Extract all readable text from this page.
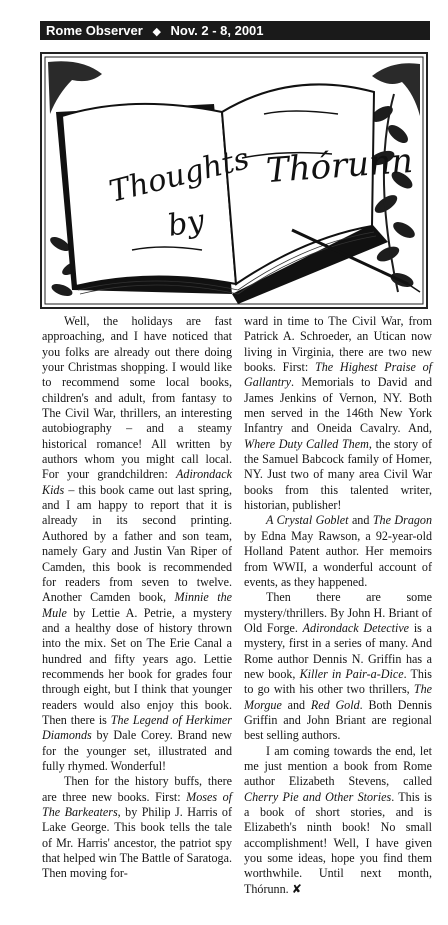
Rome Observer ◆ Nov. 2 - 8, 2001
Thoughts
by
Thórunn

Well, the holidays are fast approaching, and I have noticed that you folks are already out there doing your Christmas shopping. I would like to recommend some local books, children's and adult, from fantasy to The Civil War, thrillers, an interesting autobiography – and a steamy historical romance! All written by authors whom you might call local. For your grandchildren: Adirondack Kids – this book came out last spring, and I am happy to report that it is already in its second printing. Authored by a father and son team, namely Gary and Justin Van Riper of Camden, this book is recommended for readers from seven to twelve. Another Camden book, Minnie the Mule by Lettie A. Petrie, a mystery and a healthy dose of history thrown into the mix. Set on The Erie Canal a hundred and fifty years ago. Lettie recommends her book for grades four through eight, but I think that younger readers would also enjoy this book. Then there is The Legend of Herkimer Diamonds by Dale Corey. Brand new for the younger set, illustrated and fully rhymed. Wonderful!

Then for the history buffs, there are three new books. First: Moses of The Barkeaters, by Philip J. Harris of Lake George. This book tells the tale of Mr. Harris' ancestor, the patriot spy that helped win The Battle of Saratoga. Then moving for-

ward in time to The Civil War, from Patrick A. Schroeder, an Utican now living in Virginia, there are two new books. First: The Highest Praise of Gallantry. Memorials to David and James Jenkins of Vernon, NY. Both men served in the 146th New York Infantry and Oneida Cavalry. And, Where Duty Called Them, the story of the Samuel Babcock family of Homer, NY. Just two of many area Civil War books from this talented writer, historian, publisher!

A Crystal Goblet and The Dragon by Edna May Rawson, a 92-year-old Holland Patent author. Her memoirs from WWII, a wonderful account of events, as they happened.

Then there are some mystery/thrillers. By John H. Briant of Old Forge. Adirondack Detective is a mystery, first in a series of many. And Rome author Dennis N. Griffin has a new book, Killer in Pair-a-Dice. This to go with his other two thrillers, The Morgue and Red Gold. Both Dennis Griffin and John Briant are regional best selling authors.

I am coming towards the end, let me just mention a book from Rome author Elizabeth Stevens, called Cherry Pie and Other Stories. This is a book of short stories, and is Elizabeth's ninth book! No small accomplishment! Well, I have given you some ideas, hope you find them worthwhile. Until next month, Thórunn. ✘
